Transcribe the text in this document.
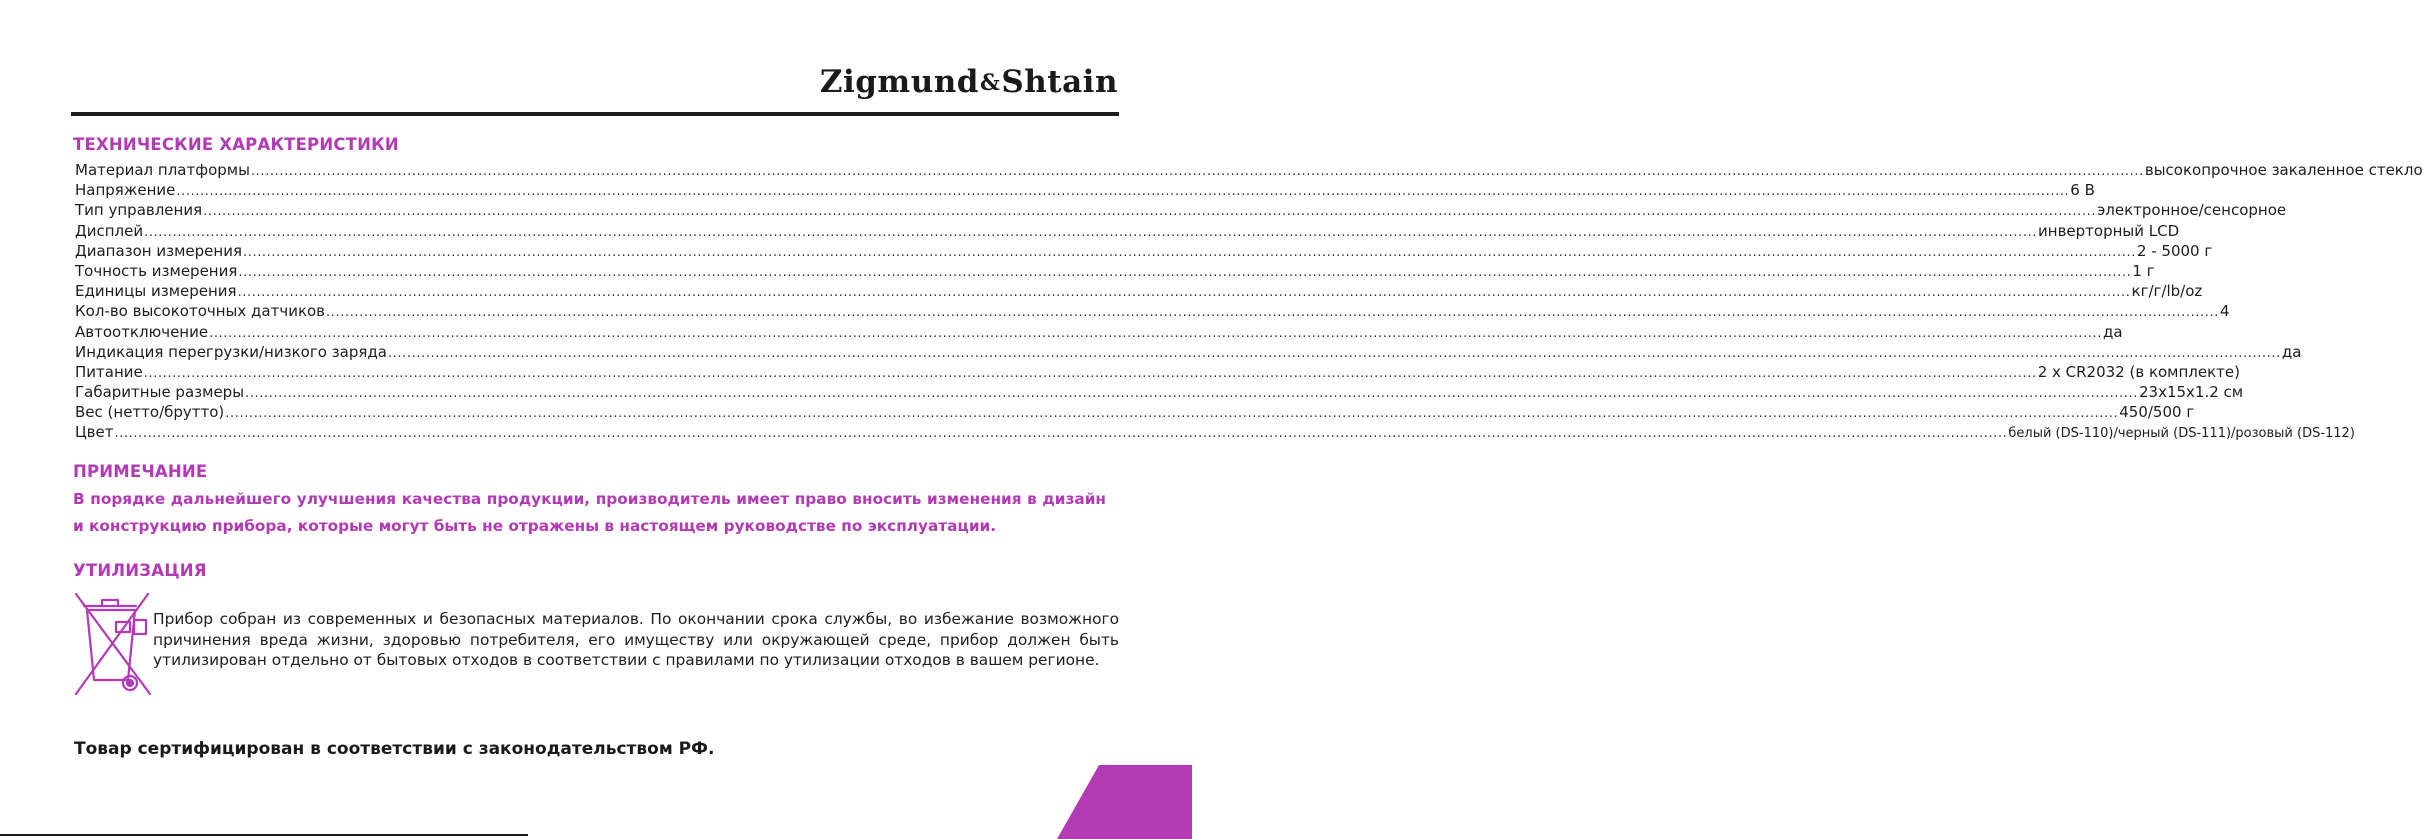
Zigmund&Shtain
ТЕХНИЧЕСКИЕ ХАРАКТЕРИСТИКИ
Материал платформы ................................................................................................................................................................................................................................................................................................................................................................................................................ высокопрочное закаленное стекло
Напряжение ................................................................................................................................................................................................................................................................................................................................................................................................................ 6 В
Тип управления ................................................................................................................................................................................................................................................................................................................................................................................................................ электронное/сенсорное
Дисплей ................................................................................................................................................................................................................................................................................................................................................................................................................ инверторный LCD
Диапазон измерения ................................................................................................................................................................................................................................................................................................................................................................................................................ 2 - 5000 г
Точность измерения ................................................................................................................................................................................................................................................................................................................................................................................................................ 1 г
Единицы измерения ................................................................................................................................................................................................................................................................................................................................................................................................................ кг/г/lb/oz
Кол-во высокоточных датчиков ................................................................................................................................................................................................................................................................................................................................................................................................................ 4
Автоотключение ................................................................................................................................................................................................................................................................................................................................................................................................................ да
Индикация перегрузки/низкого заряда ................................................................................................................................................................................................................................................................................................................................................................................................................ да
Питание ................................................................................................................................................................................................................................................................................................................................................................................................................ 2 х CR2032 (в комплекте)
Габаритные размеры ................................................................................................................................................................................................................................................................................................................................................................................................................ 23x15x1.2 см
Вес (нетто/брутто) ................................................................................................................................................................................................................................................................................................................................................................................................................ 450/500 г
Цвет ................................................................................................................................................................................................................................................................................................................................................................................................................ белый (DS-110)/черный (DS-111)/розовый (DS-112)
ПРИМЕЧАНИЕ
В порядке дальнейшего улучшения качества продукции, производитель имеет право вносить изменения в дизайн и конструкцию прибора, которые могут быть не отражены в настоящем руководстве по эксплуатации.
УТИЛИЗАЦИЯ
Прибор собран из современных и безопасных материалов. По окончании срока службы, во избежание возможного причинения вреда жизни, здоровью потребителя, его имуществу или окружающей среде, прибор должен быть утилизирован отдельно от бытовых отходов в соответствии с правилами по утилизации отходов в вашем регионе.
Товар сертифицирован в соответствии с законодательством РФ.
